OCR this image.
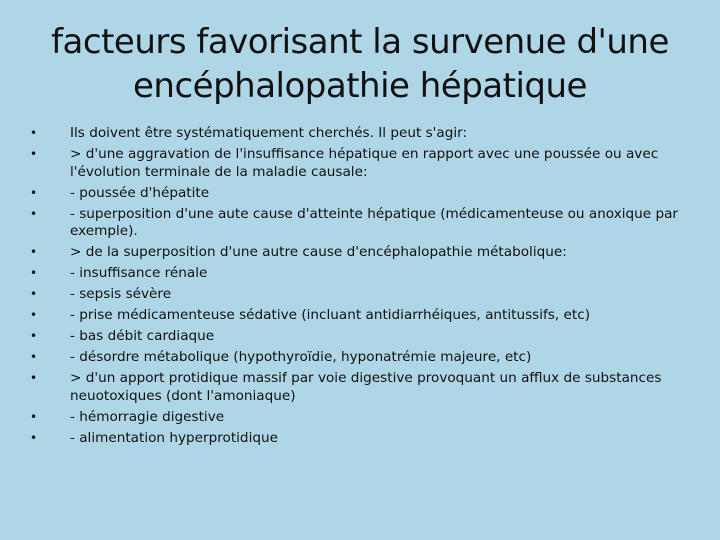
facteurs favorisant la survenue d'une
encéphalopathie hépatique
• Ils doivent être systématiquement cherchés. Il peut s'agir:
• > d'une aggravation de l'insuffisance hépatique en rapport avec une poussée ou avec l'évolution terminale de la maladie causale:
• - poussée d'hépatite
• - superposition d'une aute cause d'atteinte hépatique (médicamenteuse ou anoxique par exemple).
• > de la superposition d'une autre cause d'encéphalopathie métabolique:
• - insuffisance rénale
• - sepsis sévère
• - prise médicamenteuse sédative (incluant antidiarrhéiques, antitussifs, etc)
• - bas débit cardiaque
• - désordre métabolique (hypothyroïdie, hyponatrémie majeure, etc)
• > d'un apport protidique massif par voie digestive provoquant un afflux de substances neuotoxiques (dont l'amoniaque)
• - hémorragie digestive
• - alimentation hyperprotidique
